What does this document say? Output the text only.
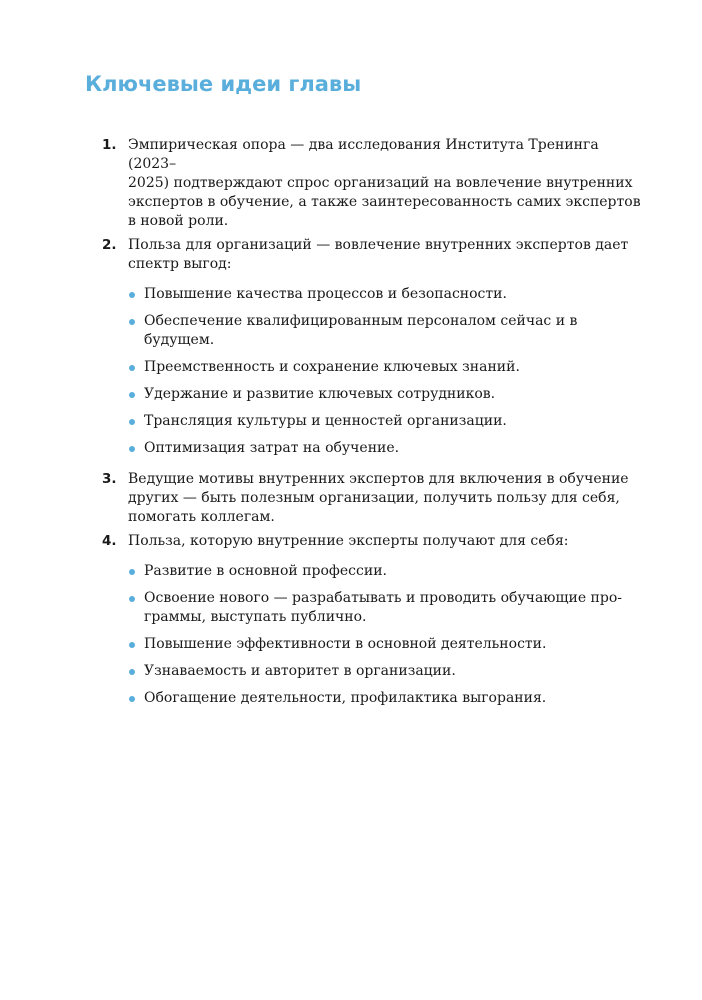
Ключевые идеи главы
1. Эмпирическая опора — два исследования Института Тренинга (2023–
2025) подтверждают спрос организаций на вовлечение внутренних
экспертов в обучение, а также заинтересованность самих экспертов
в новой роли.
2. Польза для организаций — вовлечение внутренних экспертов дает
спектр выгод:
Повышение качества процессов и безопасности.
Обеспечение квалифицированным персоналом сейчас и в будущем.
Преемственность и сохранение ключевых знаний.
Удержание и развитие ключевых сотрудников.
Трансляция культуры и ценностей организации.
Оптимизация затрат на обучение.
3. Ведущие мотивы внутренних экспертов для включения в обучение
других — быть полезным организации, получить пользу для себя,
помогать коллегам.
4. Польза, которую внутренние эксперты получают для себя:
Развитие в основной профессии.
Освоение нового — разрабатывать и проводить обучающие про-
граммы, выступать публично.
Повышение эффективности в основной деятельности.
Узнаваемость и авторитет в организации.
Обогащение деятельности, профилактика выгорания.
